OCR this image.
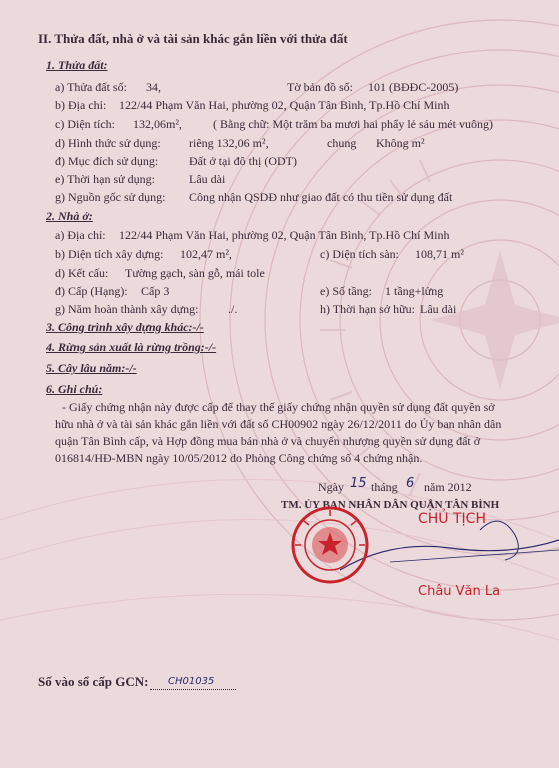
II. Thửa đất, nhà ở và tài sản khác gắn liền với thửa đất
1. Thửa đất:
a) Thửa đất số: 34,	Tờ bản đồ số: 101 (BĐĐC-2005)
b) Địa chỉ: 122/44 Phạm Văn Hai, phường 02, Quận Tân Bình, Tp.Hồ Chí Minh
c) Diện tích: 132,06m²,	( Bằng chữ: Một trăm ba mươi hai phẩy lẻ sáu mét vuông)
d) Hình thức sử dụng: riêng 132,06 m²,	chung Không m²
đ) Mục đích sử dụng:	Đất ở tại đô thị (ODT)
e) Thời hạn sử dụng:	Lâu dài
g) Nguồn gốc sử dụng: Công nhận QSDĐ như giao đất có thu tiền sử dụng đất
2. Nhà ở:
a) Địa chỉ: 122/44 Phạm Văn Hai, phường 02, Quận Tân Bình, Tp.Hồ Chí Minh
b) Diện tích xây dựng: 102,47 m²,	c) Diện tích sàn: 108,71 m²
d) Kết cấu: Tường gạch, sàn gỗ, mái tole
đ) Cấp (Hạng): Cấp 3	e) Số tầng: 1 tầng+lửng
g) Năm hoàn thành xây dựng: ./.	h) Thời hạn sở hữu: Lâu dài
3. Công trình xây dựng khác:-/-
4. Rừng sản xuất là rừng trồng:-/-
5. Cây lâu năm:-/-
6. Ghi chú:
- Giấy chứng nhận này được cấp để thay thế giấy chứng nhận quyền sử dụng đất quyền sở
hữu nhà ở và tài sản khác gắn liền với đất số CH00902 ngày 26/12/2011 do Ủy ban nhân dân
quận Tân Bình cấp, và Hợp đồng mua bán nhà ở và chuyển nhượng quyền sử dụng đất ở
016814/HĐ-MBN ngày 10/05/2012 do Phòng Công chứng số 4 chứng nhận.
Ngày 15 tháng 6 năm 2012
TM. ỦY BAN NHÂN DÂN QUẬN TÂN BÌNH
CHỦ TỊCH
Châu Văn La
Số vào sổ cấp GCN: CH01035
